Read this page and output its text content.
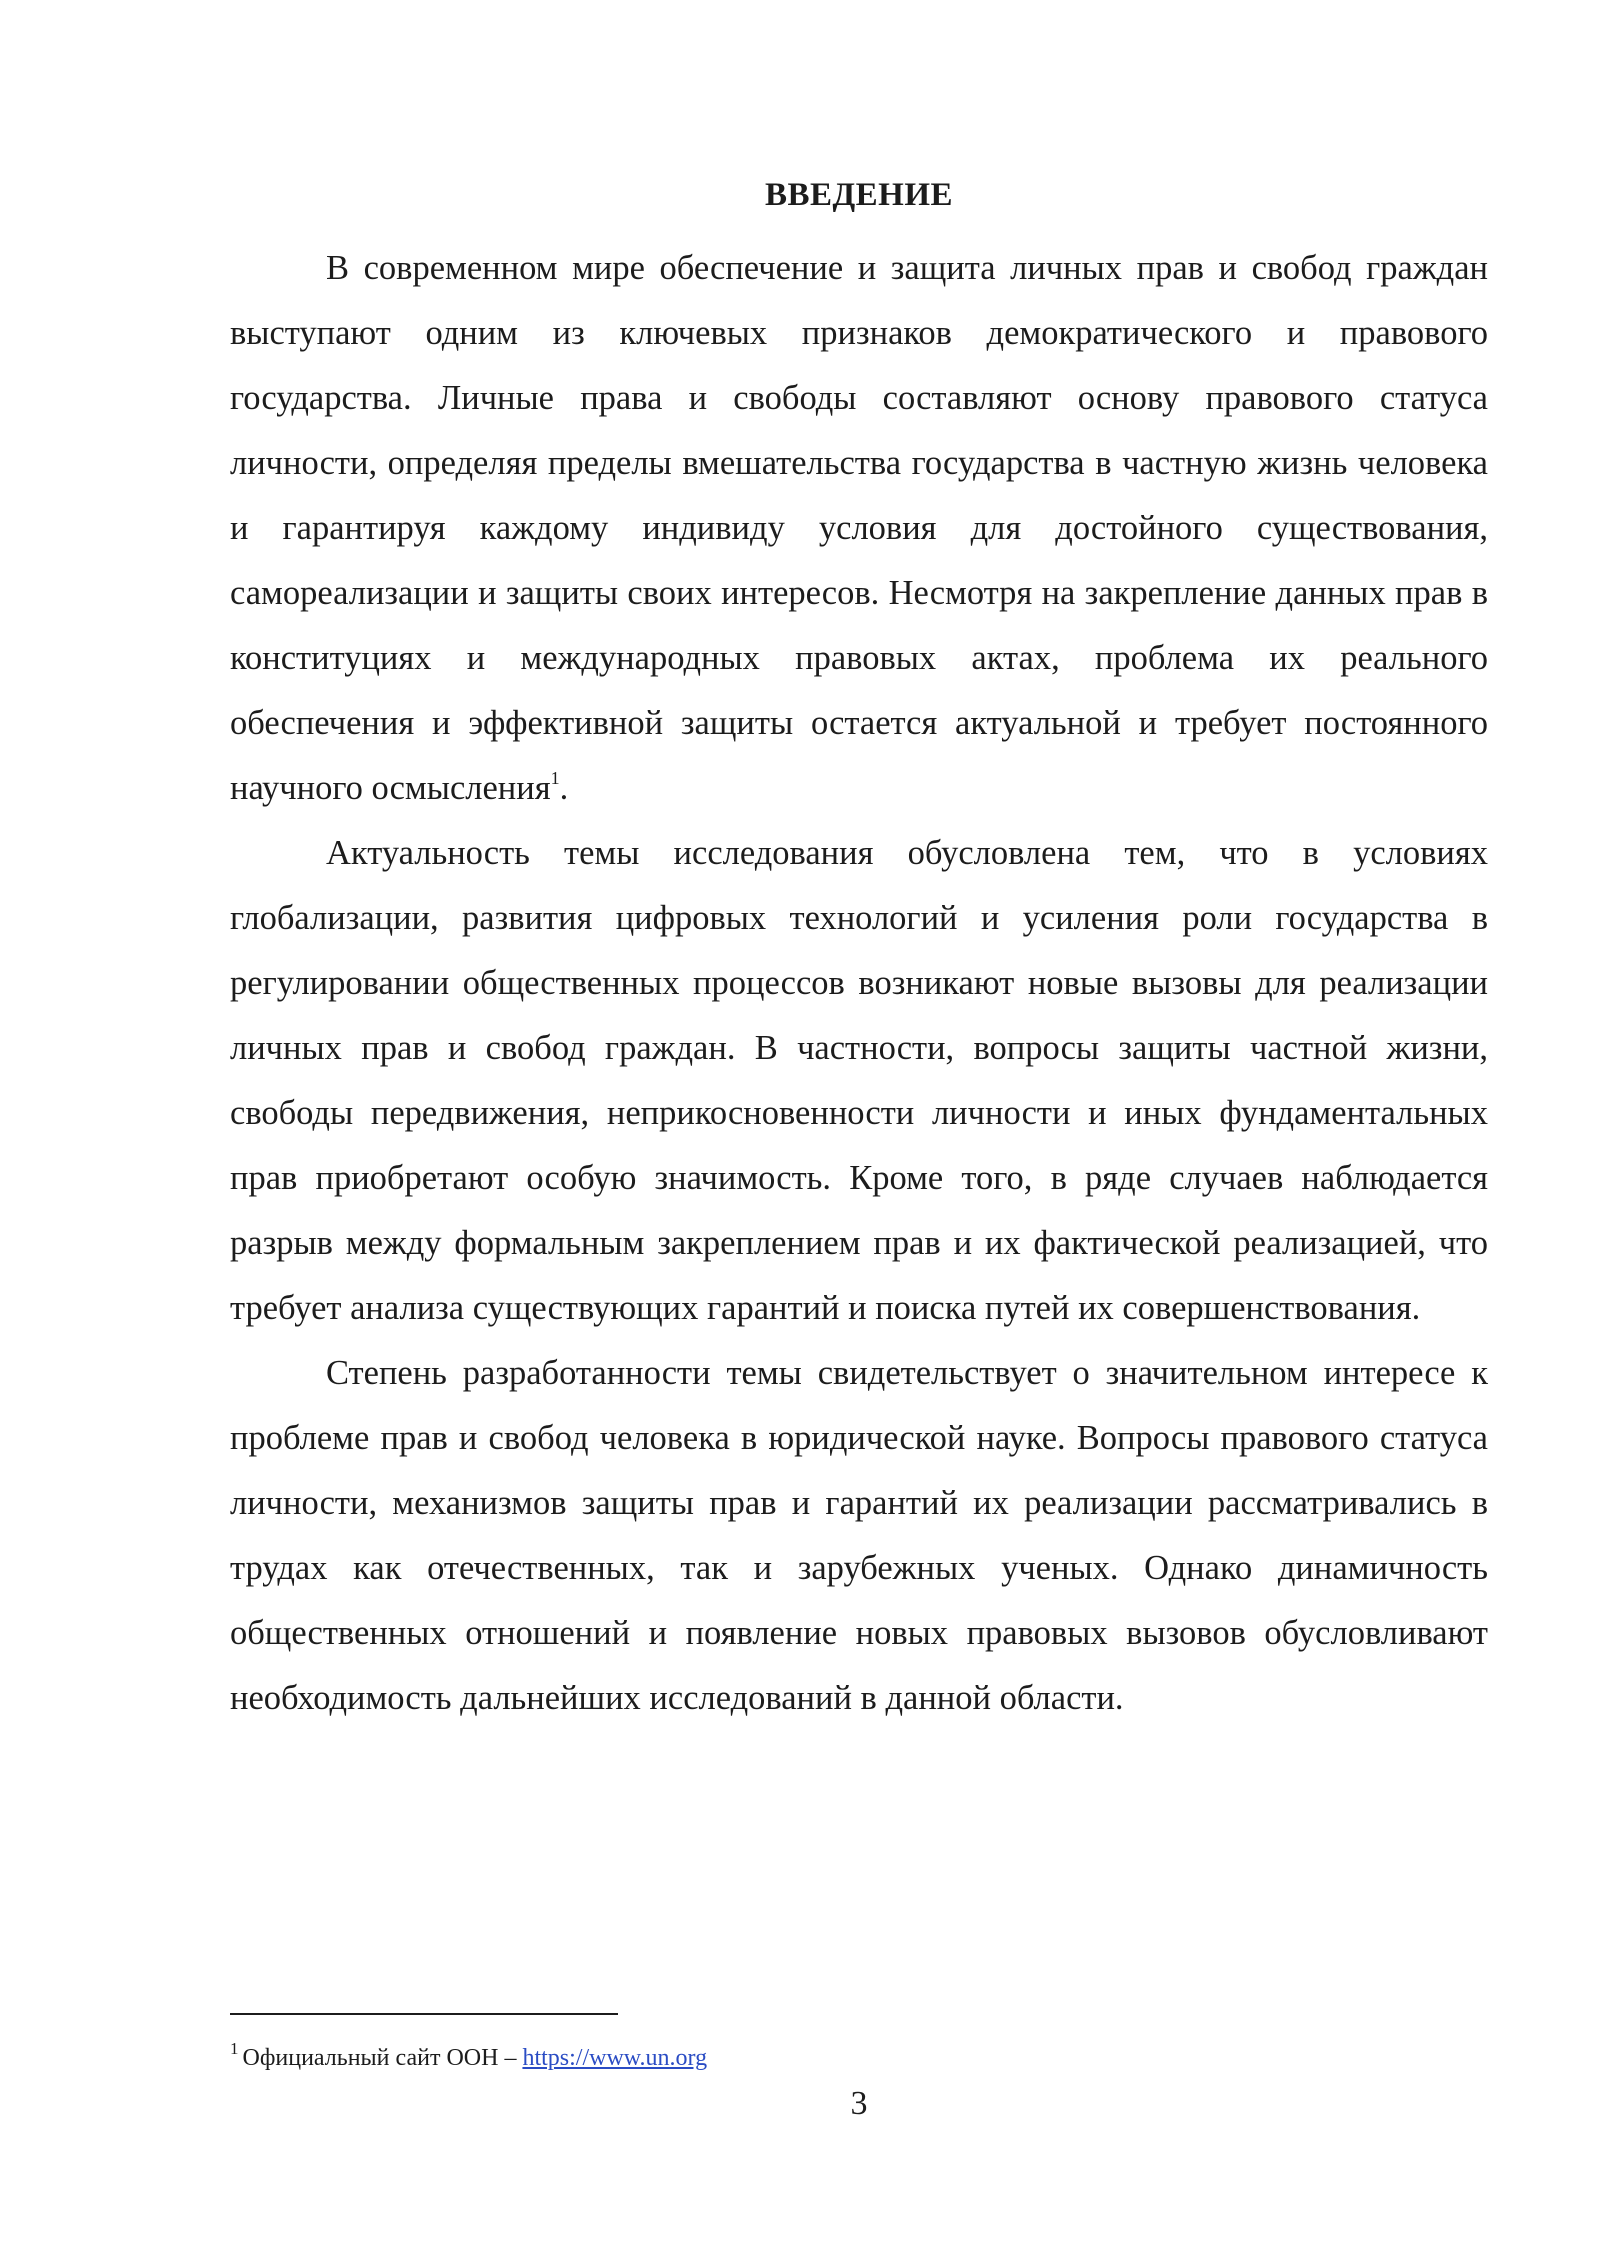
ВВЕДЕНИЕ

В современном мире обеспечение и защита личных прав и свобод граждан выступают одним из ключевых признаков демократического и правового государства. Личные права и свободы составляют основу правового статуса личности, определяя пределы вмешательства государства в частную жизнь человека и гарантируя каждому индивиду условия для достойного существования, самореализации и защиты своих интересов. Несмотря на закрепление данных прав в конституциях и международных правовых актах, проблема их реального обеспечения и эффективной защиты остается актуальной и требует постоянного научного осмысления$^1$.

Актуальность темы исследования обусловлена тем, что в условиях глобализации, развития цифровых технологий и усиления роли государства в регулировании общественных процессов возникают новые вызовы для реализации личных прав и свобод граждан. В частности, вопросы защиты частной жизни, свободы передвижения, неприкосновенности личности и иных фундаментальных прав приобретают особую значимость. Кроме того, в ряде случаев наблюдается разрыв между формальным закреплением прав и их фактической реализацией, что требует анализа существующих гарантий и поиска путей их совершенствования.

Степень разработанности темы свидетельствует о значительном интересе к проблеме прав и свобод человека в юридической науке. Вопросы правового статуса личности, механизмов защиты прав и гарантий их реализации рассматривались в трудах как отечественных, так и зарубежных ученых. Однако динамичность общественных отношений и появление новых правовых вызовов обусловливают необходимость дальнейших исследований в данной области.

$^1$ Официальный сайт ООН – https://www.un.org
3
